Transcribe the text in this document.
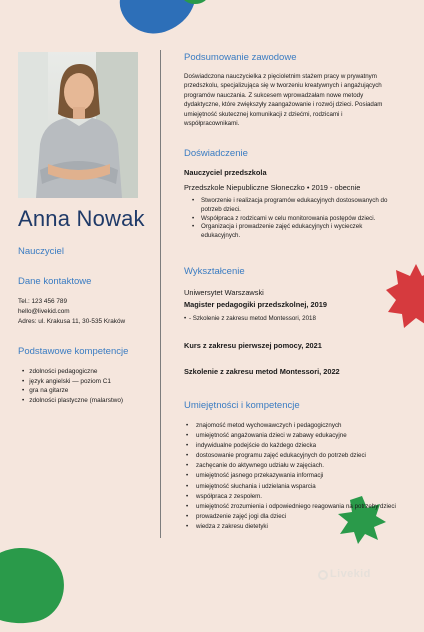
Livekid
Anna Nowak
Nauczyciel
Dane kontaktowe
Tel.: 123 456 789
hello@livekid.com
Adres: ul. Krakusa 11, 30-535 Kraków
Podstawowe kompetencje
• zdolności pedagogiczne
• język angielski — poziom C1
• gra na gitarze
• zdolności plastyczne (malarstwo)
Podsumowanie zawodowe
Doświadczona nauczycielka z pięcioletnim stażem pracy w prywatnym przedszkolu, specjalizująca się w tworzeniu kreatywnych i angażujących programów nauczania. Z sukcesem wprowadzałam nowe metody dydaktyczne, które zwiększyły zaangażowanie i rozwój dzieci. Posiadam umiejętność skutecznej komunikacji z dziećmi, rodzicami i współpracownikami.
Doświadczenie
Nauczyciel przedszkola
Przedszkole Niepubliczne Słoneczko • 2019 - obecnie
• Stworzenie i realizacja programów edukacyjnych dostosowanych do potrzeb dzieci.
• Współpraca z rodzicami w celu monitorowania postępów dzieci.
• Organizacja i prowadzenie zajęć edukacyjnych i wycieczek edukacyjnych.
Wykształcenie
Uniwersytet Warszawski
Magister pedagogiki przedszkolnej, 2019
• - Szkolenie z zakresu metod Montessori, 2018
Kurs z zakresu pierwszej pomocy, 2021
Szkolenie z zakresu metod Montessori, 2022
Umiejętności i kompetencje
• znajomość metod wychowawczych i pedagogicznych
• umiejętność angażowania dzieci w zabawy edukacyjne
• indywidualne podejście do każdego dziecka
• dostosowanie programu zajęć edukacyjnych do potrzeb dzieci
• zachęcanie do aktywnego udziału w zajęciach.
• umiejętność jasnego przekazywania informacji
• umiejętność słuchania i udzielania wsparcia
• współpraca z zespołem.
• umiejętność zrozumienia i odpowiedniego reagowania na potrzeby dzieci
• prowadzenie zajęć jogi dla dzieci
• wiedza z zakresu dietetyki
